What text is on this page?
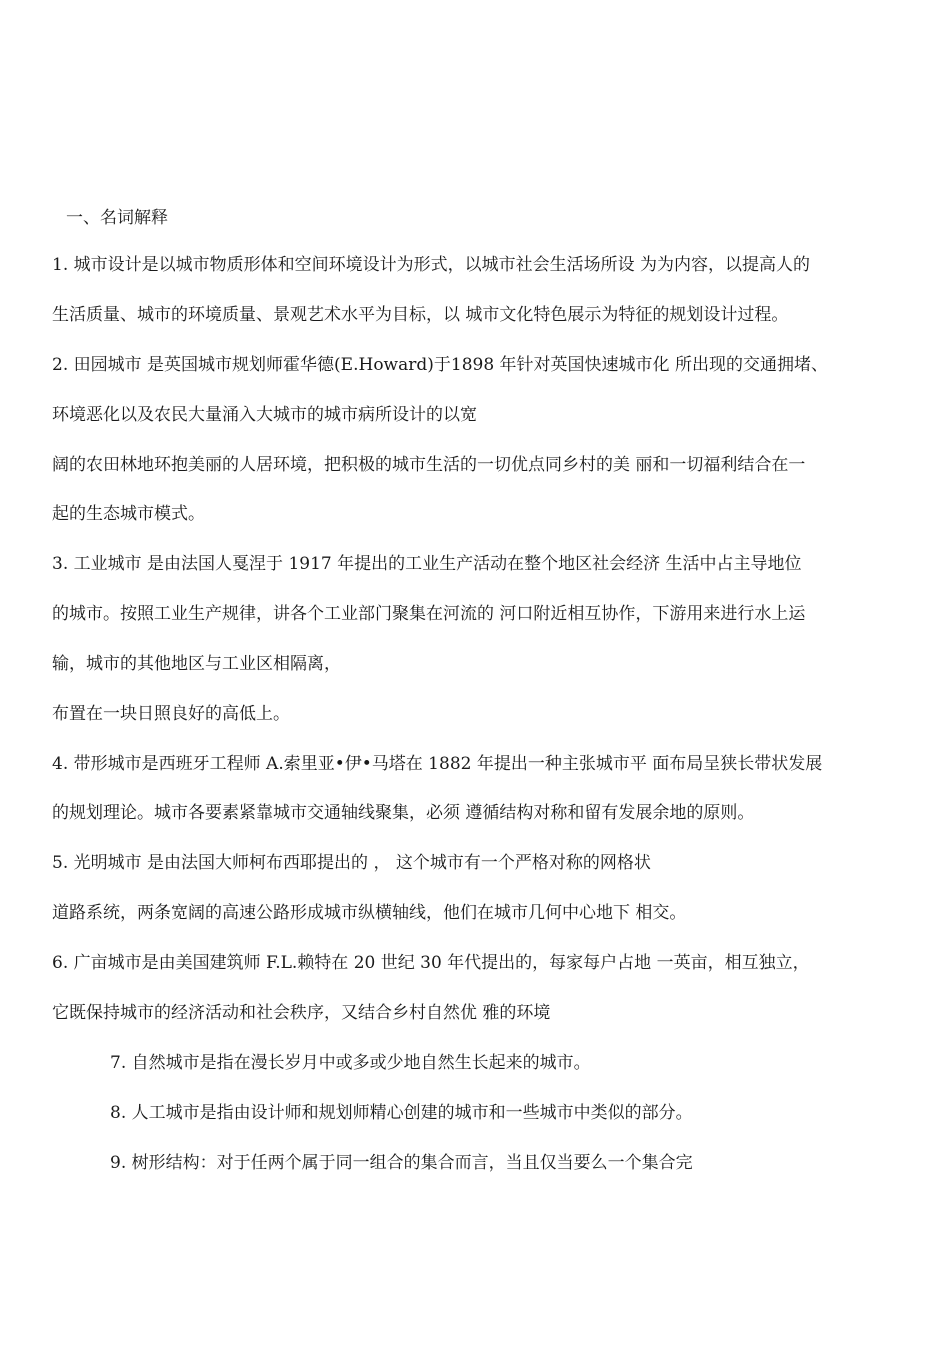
一、名词解释
1. 城市设计是以城市物质形体和空间环境设计为形式，以城市社会生活场所设 为为内容，以提高人的
生活质量、城市的环境质量、景观艺术水平为目标，以 城市文化特色展示为特征的规划设计过程。
2. 田园城市 是英国城市规划师霍华德(E.Howard)于1898 年针对英国快速城市化 所出现的交通拥堵、
环境恶化以及农民大量涌入大城市的城市病所设计的以宽
阔的农田林地环抱美丽的人居环境，把积极的城市生活的一切优点同乡村的美 丽和一切福利结合在一
起的生态城市模式。
3. 工业城市 是由法国人戛涅于 1917 年提出的工业生产活动在整个地区社会经济 生活中占主导地位
的城市。按照工业生产规律，讲各个工业部门聚集在河流的 河口附近相互协作，下游用来进行水上运
输，城市的其他地区与工业区相隔离，
布置在一块日照良好的高低上。
4. 带形城市是西班牙工程师 A.索里亚•伊•马塔在 1882 年提出一种主张城市平 面布局呈狭长带状发展
的规划理论。城市各要素紧靠城市交通轴线聚集，必须 遵循结构对称和留有发展余地的原则。
5. 光明城市 是由法国大师柯布西耶提出的 ， 这个城市有一个严格对称的网格状
道路系统，两条宽阔的高速公路形成城市纵横轴线，他们在城市几何中心地下 相交。
6. 广亩城市是由美国建筑师 F.L.赖特在 20 世纪 30 年代提出的，每家每户占地 一英亩，相互独立，
它既保持城市的经济活动和社会秩序，又结合乡村自然优 雅的环境
7. 自然城市是指在漫长岁月中或多或少地自然生长起来的城市。
8. 人工城市是指由设计师和规划师精心创建的城市和一些城市中类似的部分。
9. 树形结构：对于任两个属于同一组合的集合而言，当且仅当要么一个集合完
